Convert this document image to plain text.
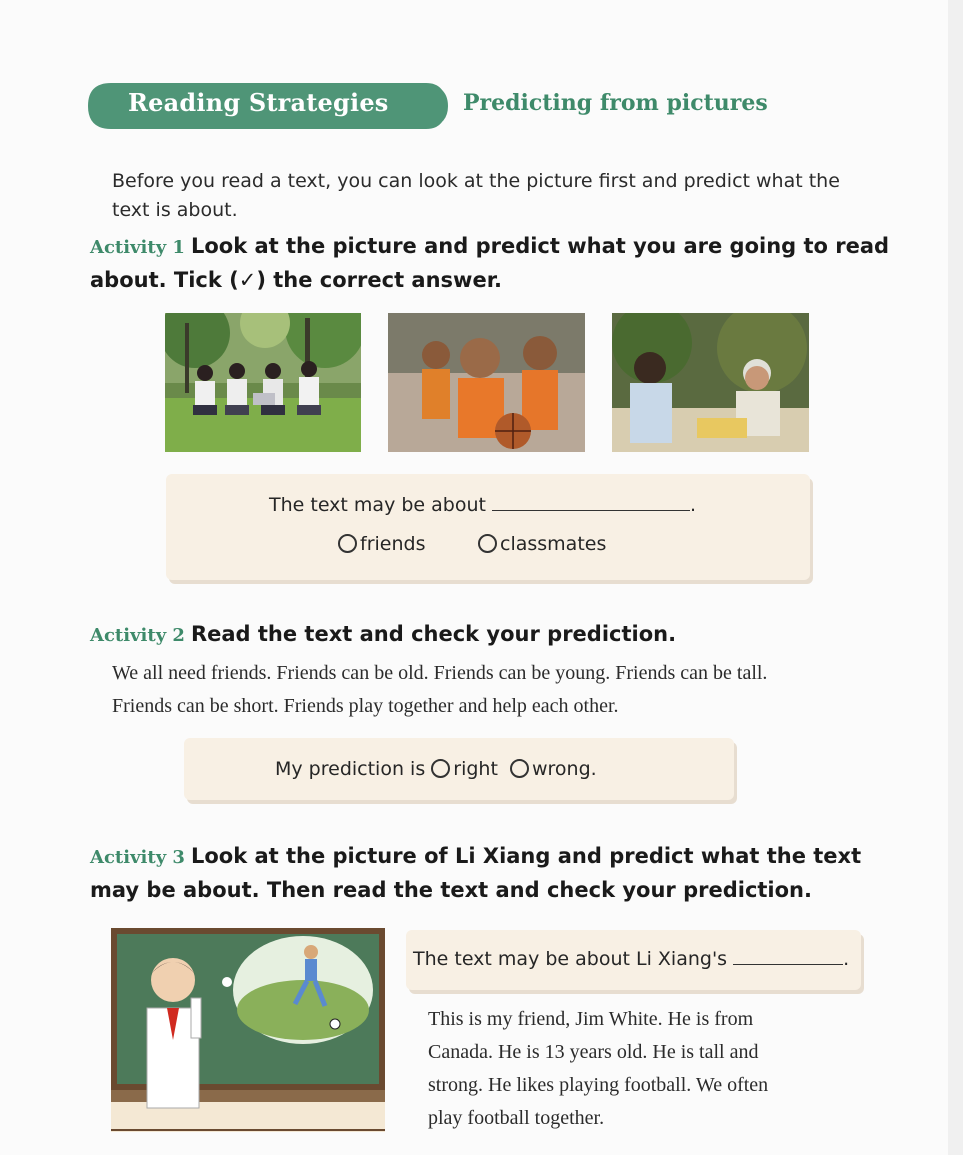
Reading Strategies	Predicting from pictures
Before you read a text, you can look at the picture first and predict what the text is about.
Activity 1 Look at the picture and predict what you are going to read about. Tick (✓) the correct answer.
The text may be about	.
friends	classmates
Activity 2 Read the text and check your prediction.
We all need friends. Friends can be old. Friends can be young. Friends can be tall.
Friends can be short. Friends play together and help each other.
My prediction is right wrong.
Activity 3 Look at the picture of Li Xiang and predict what the text may be about. Then read the text and check your prediction.
The text may be about Li Xiang's	.
This is my friend, Jim White. He is from
Canada. He is 13 years old. He is tall and
strong. He likes playing football. We often
play football together.
